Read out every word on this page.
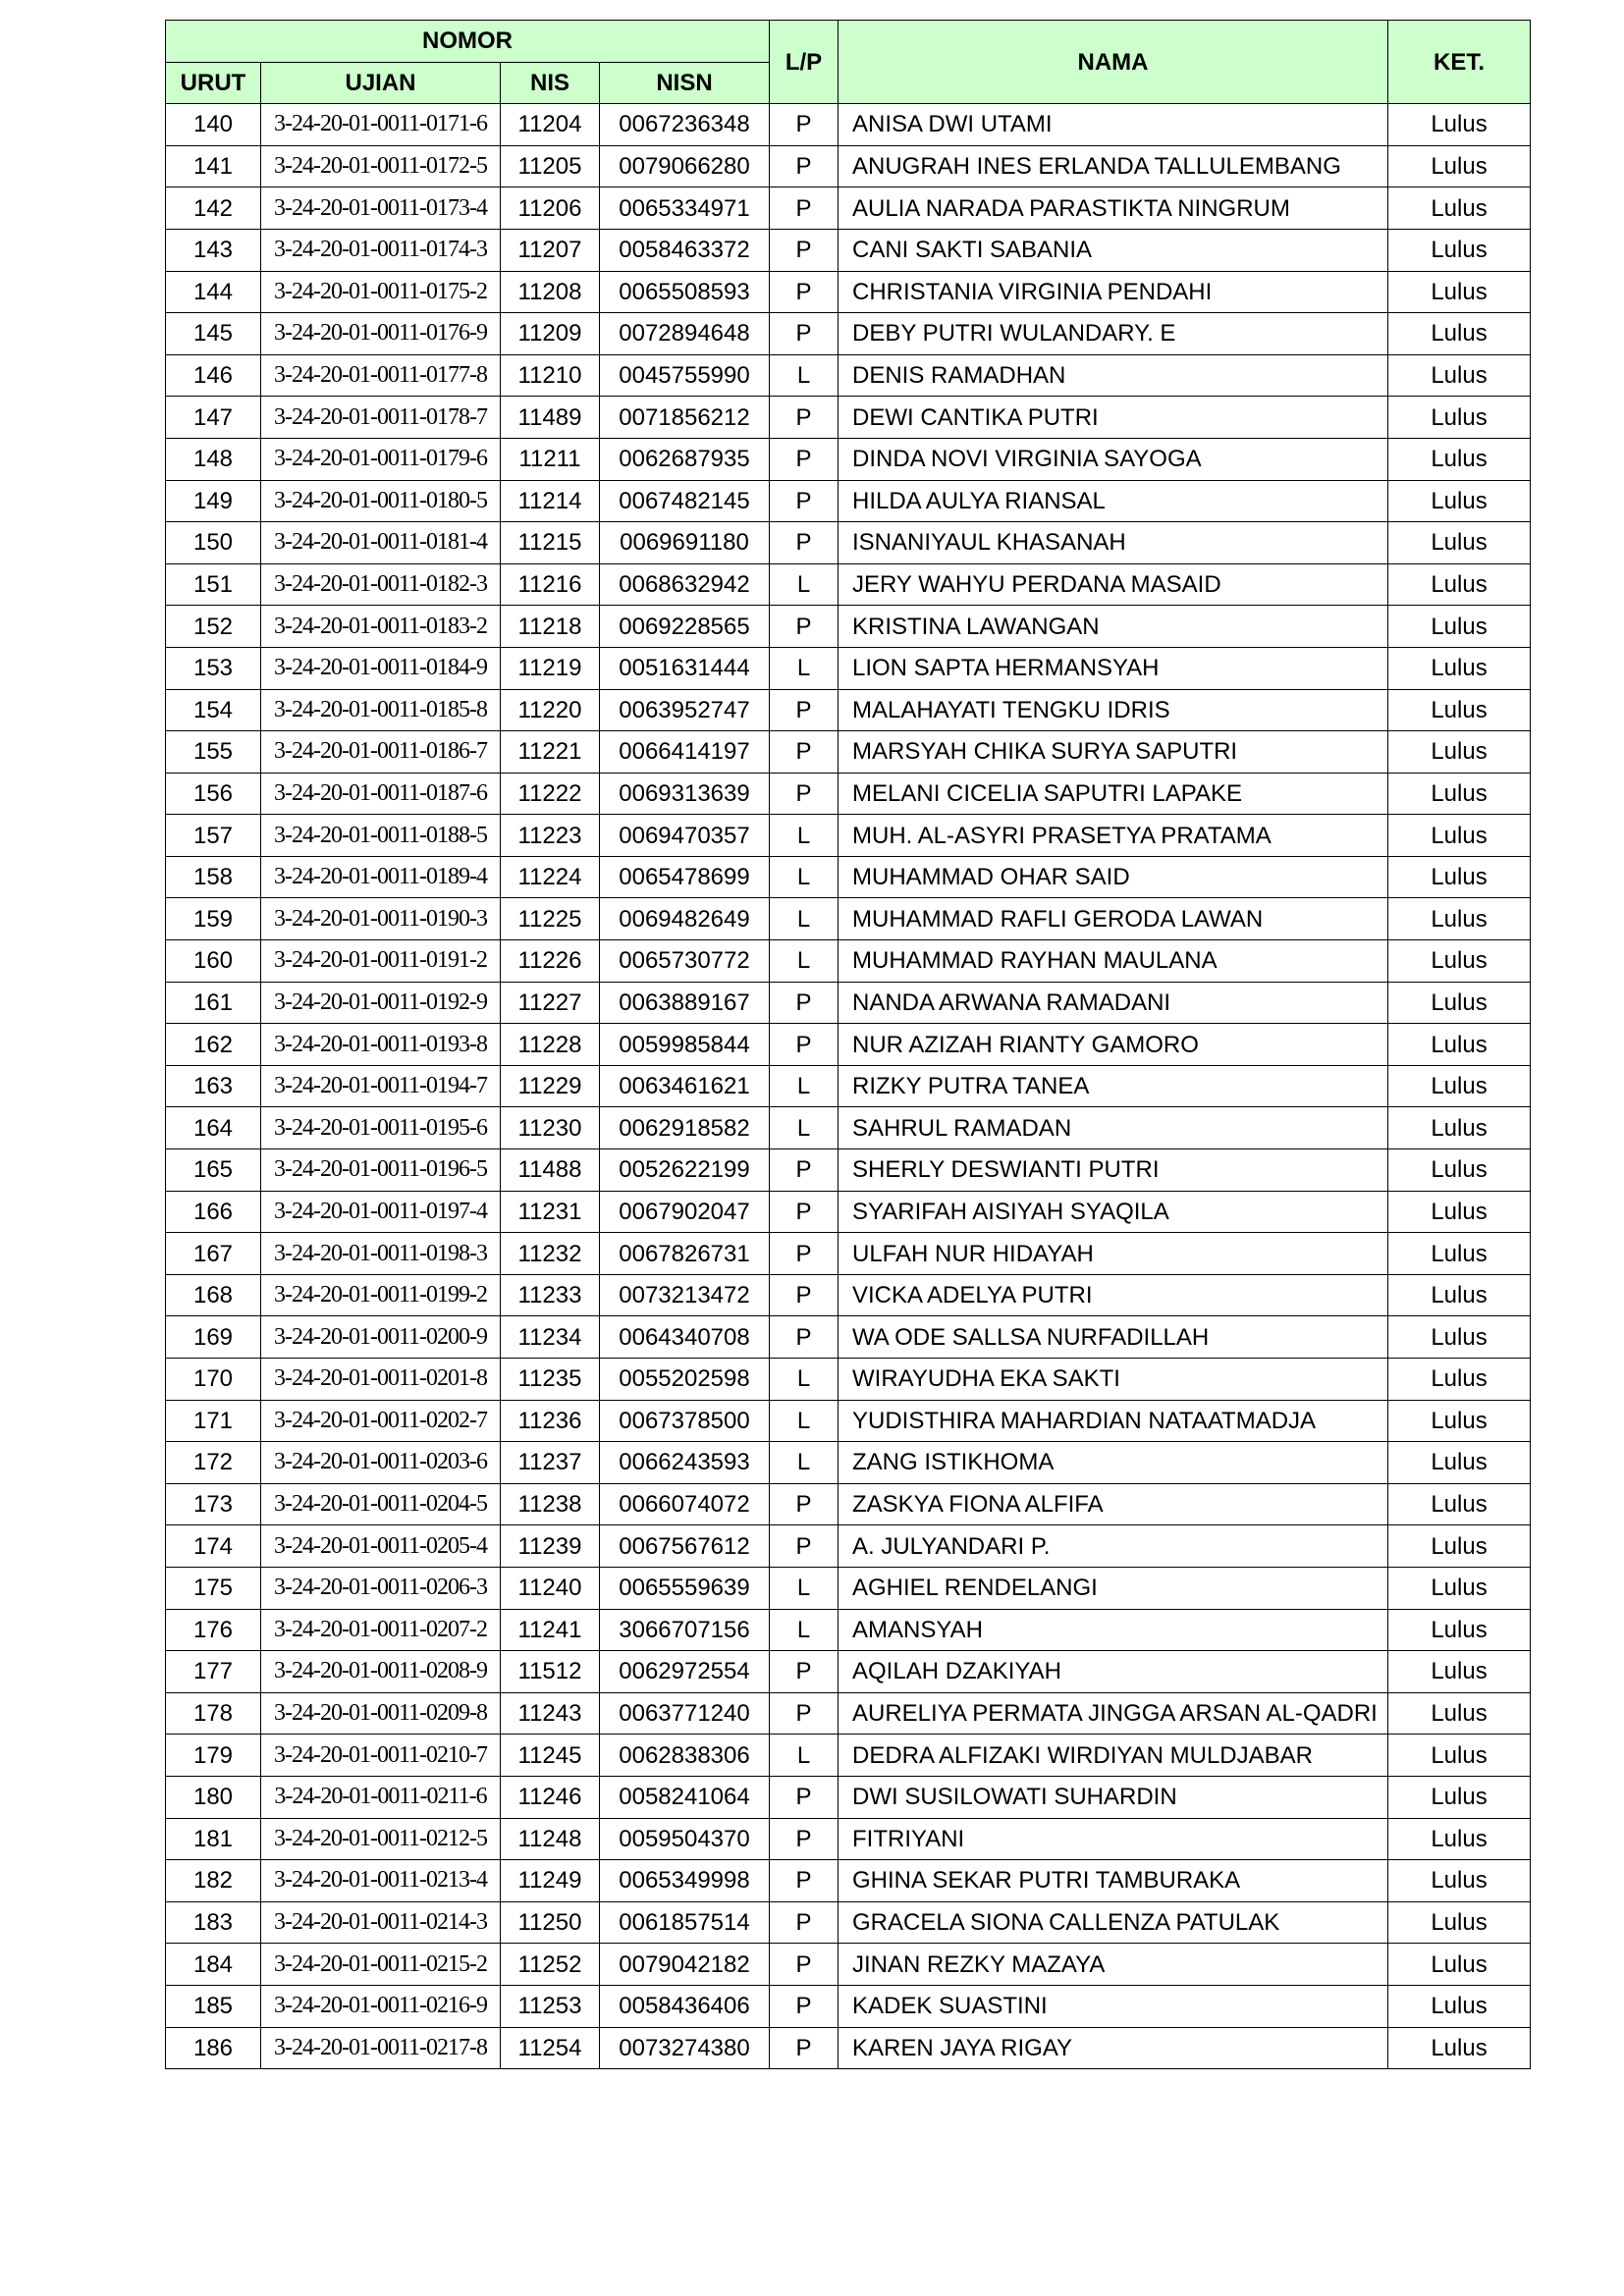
NOMOR				L/P	NAMA	KET.
URUT	UJIAN	NIS	NISN			
140	3-24-20-01-0011-0171-6	11204	0067236348	P	ANISA DWI UTAMI	Lulus
141	3-24-20-01-0011-0172-5	11205	0079066280	P	ANUGRAH INES ERLANDA TALLULEMBANG	Lulus
142	3-24-20-01-0011-0173-4	11206	0065334971	P	AULIA NARADA PARASTIKTA NINGRUM	Lulus
143	3-24-20-01-0011-0174-3	11207	0058463372	P	CANI SAKTI SABANIA	Lulus
144	3-24-20-01-0011-0175-2	11208	0065508593	P	CHRISTANIA VIRGINIA PENDAHI	Lulus
145	3-24-20-01-0011-0176-9	11209	0072894648	P	DEBY PUTRI WULANDARY. E	Lulus
146	3-24-20-01-0011-0177-8	11210	0045755990	L	DENIS RAMADHAN	Lulus
147	3-24-20-01-0011-0178-7	11489	0071856212	P	DEWI CANTIKA PUTRI	Lulus
148	3-24-20-01-0011-0179-6	11211	0062687935	P	DINDA NOVI VIRGINIA SAYOGA	Lulus
149	3-24-20-01-0011-0180-5	11214	0067482145	P	HILDA AULYA RIANSAL	Lulus
150	3-24-20-01-0011-0181-4	11215	0069691180	P	ISNANIYAUL KHASANAH	Lulus
151	3-24-20-01-0011-0182-3	11216	0068632942	L	JERY WAHYU PERDANA MASAID	Lulus
152	3-24-20-01-0011-0183-2	11218	0069228565	P	KRISTINA LAWANGAN	Lulus
153	3-24-20-01-0011-0184-9	11219	0051631444	L	LION SAPTA HERMANSYAH	Lulus
154	3-24-20-01-0011-0185-8	11220	0063952747	P	MALAHAYATI TENGKU IDRIS	Lulus
155	3-24-20-01-0011-0186-7	11221	0066414197	P	MARSYAH CHIKA SURYA SAPUTRI	Lulus
156	3-24-20-01-0011-0187-6	11222	0069313639	P	MELANI CICELIA SAPUTRI LAPAKE	Lulus
157	3-24-20-01-0011-0188-5	11223	0069470357	L	MUH. AL-ASYRI PRASETYA PRATAMA	Lulus
158	3-24-20-01-0011-0189-4	11224	0065478699	L	MUHAMMAD OHAR SAID	Lulus
159	3-24-20-01-0011-0190-3	11225	0069482649	L	MUHAMMAD RAFLI GERODA LAWAN	Lulus
160	3-24-20-01-0011-0191-2	11226	0065730772	L	MUHAMMAD RAYHAN MAULANA	Lulus
161	3-24-20-01-0011-0192-9	11227	0063889167	P	NANDA ARWANA RAMADANI	Lulus
162	3-24-20-01-0011-0193-8	11228	0059985844	P	NUR AZIZAH RIANTY GAMORO	Lulus
163	3-24-20-01-0011-0194-7	11229	0063461621	L	RIZKY PUTRA TANEA	Lulus
164	3-24-20-01-0011-0195-6	11230	0062918582	L	SAHRUL RAMADAN	Lulus
165	3-24-20-01-0011-0196-5	11488	0052622199	P	SHERLY DESWIANTI PUTRI	Lulus
166	3-24-20-01-0011-0197-4	11231	0067902047	P	SYARIFAH AISIYAH SYAQILA	Lulus
167	3-24-20-01-0011-0198-3	11232	0067826731	P	ULFAH NUR HIDAYAH	Lulus
168	3-24-20-01-0011-0199-2	11233	0073213472	P	VICKA ADELYA PUTRI	Lulus
169	3-24-20-01-0011-0200-9	11234	0064340708	P	WA ODE SALLSA NURFADILLAH	Lulus
170	3-24-20-01-0011-0201-8	11235	0055202598	L	WIRAYUDHA EKA SAKTI	Lulus
171	3-24-20-01-0011-0202-7	11236	0067378500	L	YUDISTHIRA MAHARDIAN NATAATMADJA	Lulus
172	3-24-20-01-0011-0203-6	11237	0066243593	L	ZANG ISTIKHOMA	Lulus
173	3-24-20-01-0011-0204-5	11238	0066074072	P	ZASKYA FIONA ALFIFA	Lulus
174	3-24-20-01-0011-0205-4	11239	0067567612	P	A. JULYANDARI P.	Lulus
175	3-24-20-01-0011-0206-3	11240	0065559639	L	AGHIEL RENDELANGI	Lulus
176	3-24-20-01-0011-0207-2	11241	3066707156	L	AMANSYAH	Lulus
177	3-24-20-01-0011-0208-9	11512	0062972554	P	AQILAH DZAKIYAH	Lulus
178	3-24-20-01-0011-0209-8	11243	0063771240	P	AURELIYA PERMATA JINGGA ARSAN AL-QADRI	Lulus
179	3-24-20-01-0011-0210-7	11245	0062838306	L	DEDRA ALFIZAKI WIRDIYAN MULDJABAR	Lulus
180	3-24-20-01-0011-0211-6	11246	0058241064	P	DWI SUSILOWATI SUHARDIN	Lulus
181	3-24-20-01-0011-0212-5	11248	0059504370	P	FITRIYANI	Lulus
182	3-24-20-01-0011-0213-4	11249	0065349998	P	GHINA SEKAR PUTRI TAMBURAKA	Lulus
183	3-24-20-01-0011-0214-3	11250	0061857514	P	GRACELA SIONA CALLENZA PATULAK	Lulus
184	3-24-20-01-0011-0215-2	11252	0079042182	P	JINAN REZKY MAZAYA	Lulus
185	3-24-20-01-0011-0216-9	11253	0058436406	P	KADEK SUASTINI	Lulus
186	3-24-20-01-0011-0217-8	11254	0073274380	P	KAREN JAYA RIGAY	Lulus
